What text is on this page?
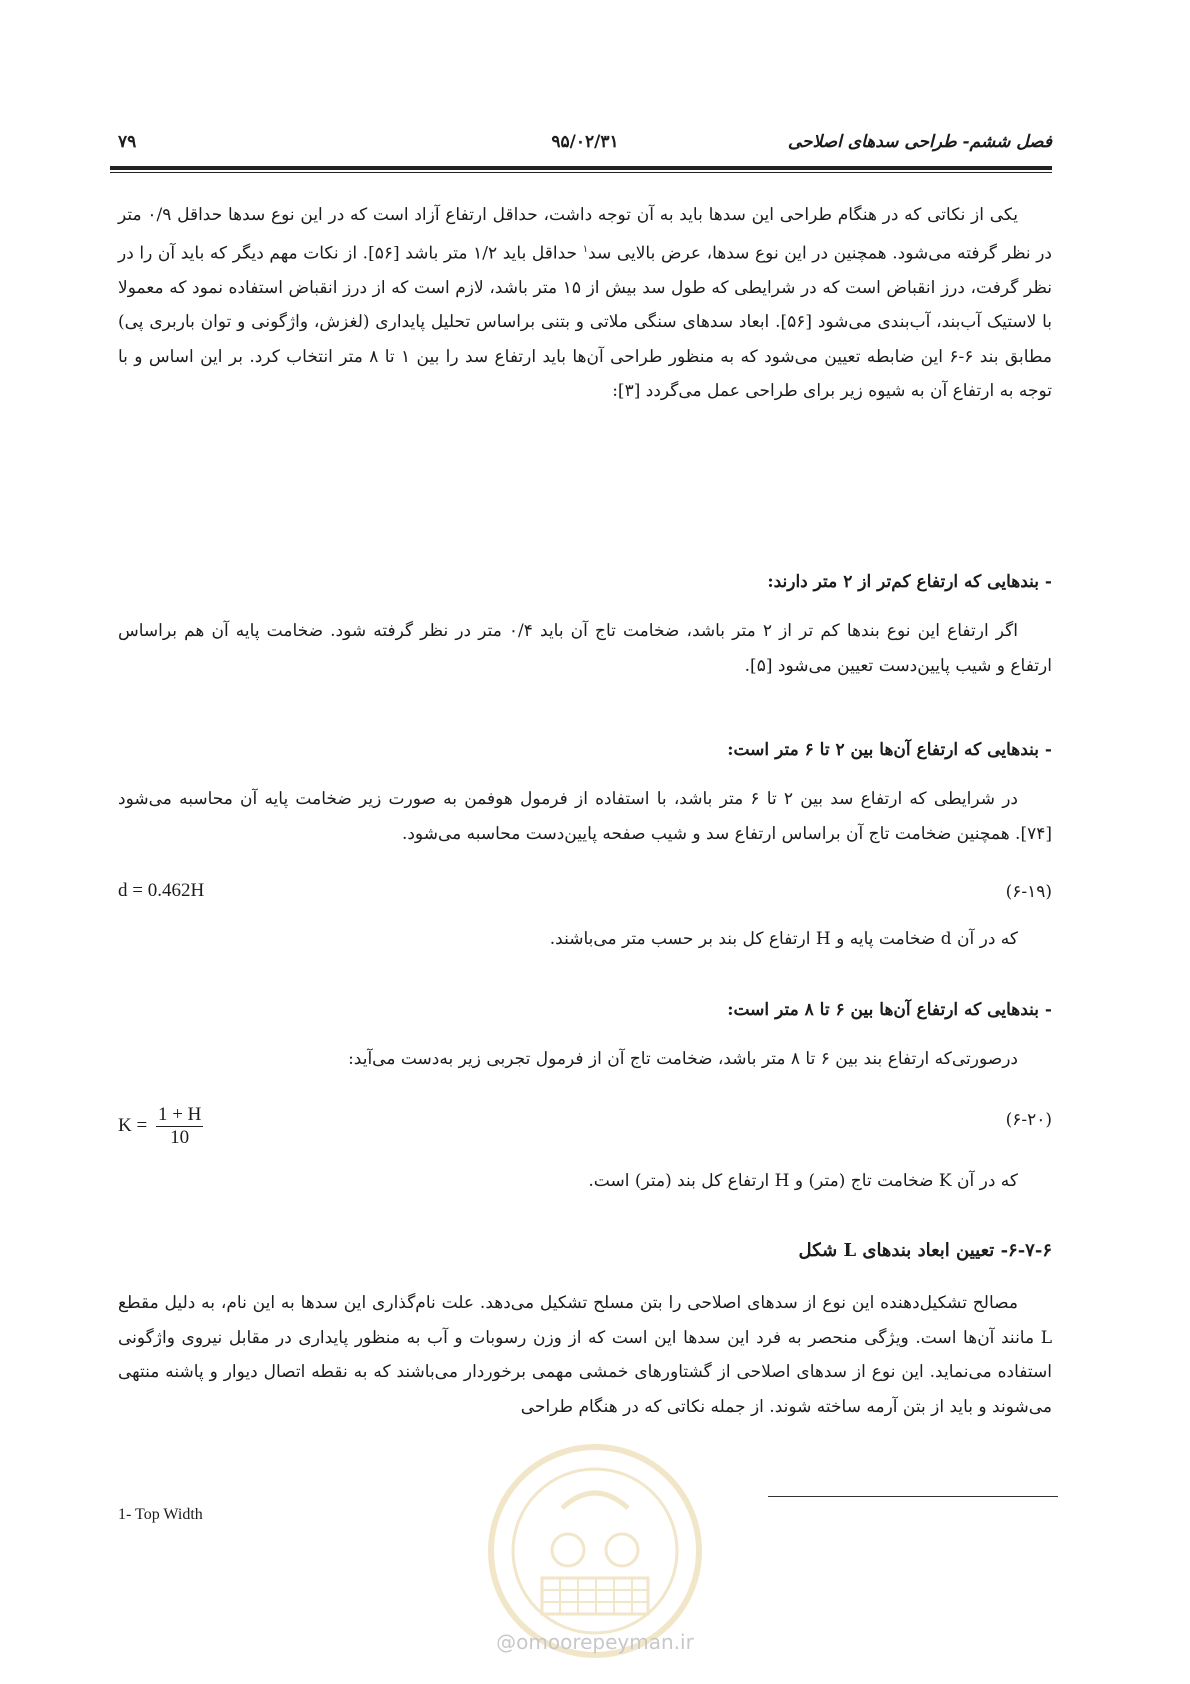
فصل ششم- طراحی سدهای اصلاحی
۹۵/۰۲/۳۱
۷۹
یکی از نکاتی که در هنگام طراحی این سدها باید به آن توجه داشت، حداقل ارتفاع آزاد است که در این نوع سدها حداقل ۰/۹ متر در نظر گرفته می‌شود. همچنین در این نوع سدها، عرض بالایی سد$^۱$ حداقل باید ۱/۲ متر باشد [۵۶]. از نکات مهم دیگر که باید آن را در نظر گرفت، درز انقباض است که در شرایطی که طول سد بیش از ۱۵ متر باشد، لازم است که از درز انقباض استفاده نمود که معمولا با لاستیک آب‌بند، آب‌بندی می‌شود [۵۶]. ابعاد سدهای سنگی ملاتی و بتنی براساس تحلیل پایداری (لغزش، واژگونی و توان باربری پی) مطابق بند ۶-۶ این ضابطه تعیین می‌شود که به منظور طراحی آن‌ها باید ارتفاع سد را بین ۱ تا ۸ متر انتخاب کرد. بر این اساس و با توجه به ارتفاع آن به شیوه زیر برای طراحی عمل می‌گردد [۳]:
- بندهایی که ارتفاع کم‌تر از ۲ متر دارند:
اگر ارتفاع این نوع بندها کم تر از ۲ متر باشد، ضخامت تاج آن باید ۰/۴ متر در نظر گرفته شود. ضخامت پایه آن هم براساس ارتفاع و شیب پایین‌دست تعیین می‌شود [۵].
- بندهایی که ارتفاع آن‌ها بین ۲ تا ۶ متر است:
در شرایطی که ارتفاع سد بین ۲ تا ۶ متر باشد، با استفاده از فرمول هوفمن به صورت زیر ضخامت پایه آن محاسبه می‌شود [۷۴]. همچنین ضخامت تاج آن براساس ارتفاع سد و شیب صفحه پایین‌دست محاسبه می‌شود.
d = 0.462H	(۶-۱۹)
که در آن d ضخامت پایه و H ارتفاع کل بند بر حسب متر می‌باشند.
- بندهایی که ارتفاع آن‌ها بین ۶ تا ۸ متر است:
درصورتی‌که ارتفاع بند بین ۶ تا ۸ متر باشد، ضخامت تاج آن از فرمول تجربی زیر به‌دست می‌آید:
$K = \frac{1 + H}{10}$	(۶-۲۰)
که در آن K ضخامت تاج (متر) و H ارتفاع کل بند (متر) است.
۶-۷-۶- تعیین ابعاد بندهای L شکل
مصالح تشکیل‌دهنده این نوع از سدهای اصلاحی را بتن مسلح تشکیل می‌دهد. علت نام‌گذاری این سدها به این نام، به دلیل مقطع L مانند آن‌ها است. ویژگی منحصر به فرد این سدها این است که از وزن رسوبات و آب به منظور پایداری در مقابل نیروی واژگونی استفاده می‌نماید. این نوع از سدهای اصلاحی از گشتاورهای خمشی مهمی برخوردار می‌باشند که به نقطه اتصال دیوار و پاشنه منتهی می‌شوند و باید از بتن آرمه ساخته شوند. از جمله نکاتی که در هنگام طراحی
1- Top Width
@omoorepeyman.ir
